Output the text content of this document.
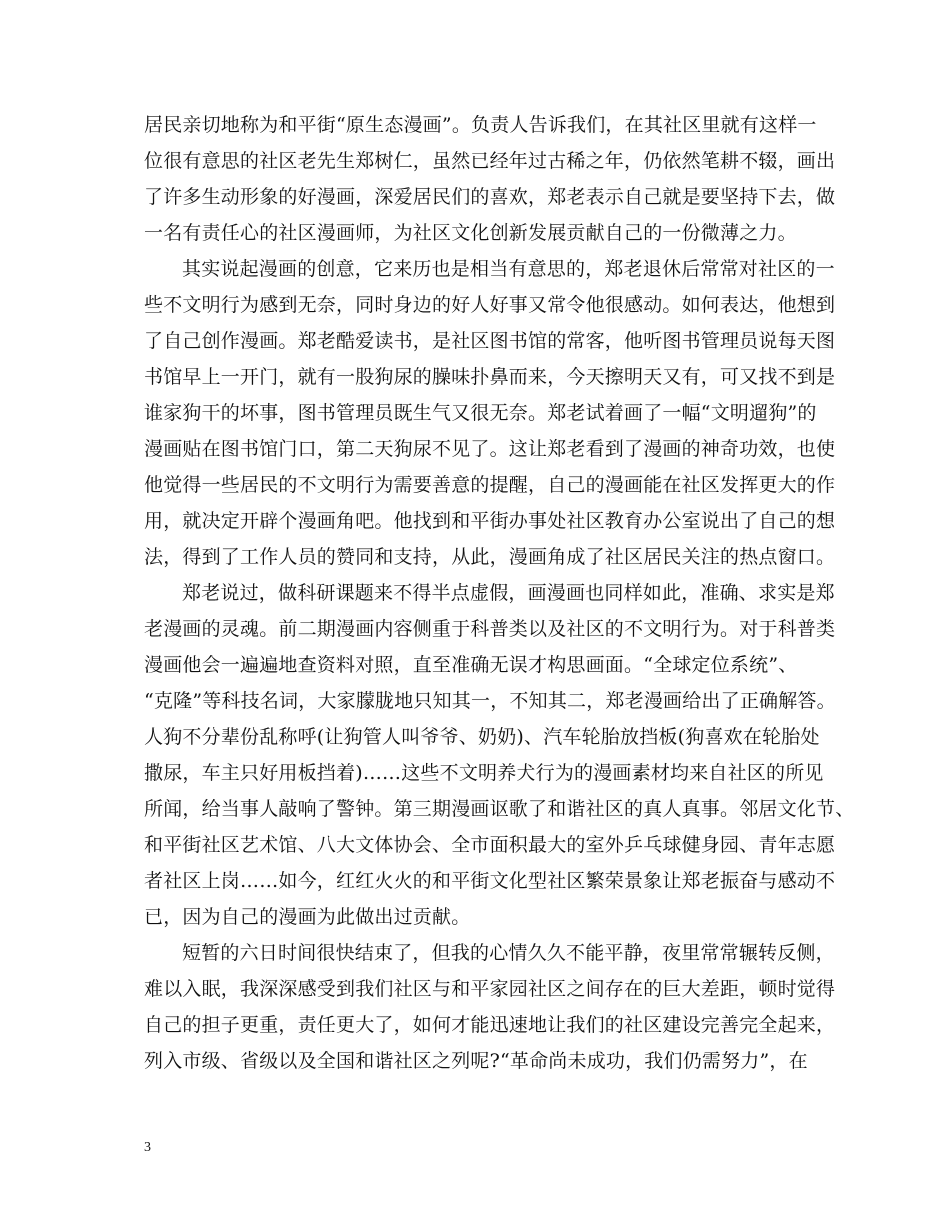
居民亲切地称为和平街“原生态漫画”。负责人告诉我们，在其社区里就有这样一
位很有意思的社区老先生郑树仁，虽然已经年过古稀之年，仍依然笔耕不辍，画出
了许多生动形象的好漫画，深爱居民们的喜欢，郑老表示自己就是要坚持下去，做
一名有责任心的社区漫画师，为社区文化创新发展贡献自己的一份微薄之力。
其实说起漫画的创意，它来历也是相当有意思的，郑老退休后常常对社区的一
些不文明行为感到无奈，同时身边的好人好事又常令他很感动。如何表达，他想到
了自己创作漫画。郑老酷爱读书，是社区图书馆的常客，他听图书管理员说每天图
书馆早上一开门，就有一股狗尿的臊味扑鼻而来，今天擦明天又有，可又找不到是
谁家狗干的坏事，图书管理员既生气又很无奈。郑老试着画了一幅“文明遛狗”的
漫画贴在图书馆门口，第二天狗尿不见了。这让郑老看到了漫画的神奇功效，也使
他觉得一些居民的不文明行为需要善意的提醒，自己的漫画能在社区发挥更大的作
用，就决定开辟个漫画角吧。他找到和平街办事处社区教育办公室说出了自己的想
法，得到了工作人员的赞同和支持，从此，漫画角成了社区居民关注的热点窗口。
郑老说过，做科研课题来不得半点虚假，画漫画也同样如此，准确、求实是郑
老漫画的灵魂。前二期漫画内容侧重于科普类以及社区的不文明行为。对于科普类
漫画他会一遍遍地查资料对照，直至准确无误才构思画面。“全球定位系统”、
“克隆”等科技名词，大家朦胧地只知其一，不知其二，郑老漫画给出了正确解答。
人狗不分辈份乱称呼(让狗管人叫爷爷、奶奶)、汽车轮胎放挡板(狗喜欢在轮胎处
撒尿，车主只好用板挡着)……这些不文明养犬行为的漫画素材均来自社区的所见
所闻，给当事人敲响了警钟。第三期漫画讴歌了和谐社区的真人真事。邻居文化节、
和平街社区艺术馆、八大文体协会、全市面积最大的室外乒乓球健身园、青年志愿
者社区上岗……如今，红红火火的和平街文化型社区繁荣景象让郑老振奋与感动不
已，因为自己的漫画为此做出过贡献。
短暂的六日时间很快结束了，但我的心情久久不能平静，夜里常常辗转反侧，
难以入眠，我深深感受到我们社区与和平家园社区之间存在的巨大差距，顿时觉得
自己的担子更重，责任更大了，如何才能迅速地让我们的社区建设完善完全起来，
列入市级、省级以及全国和谐社区之列呢?“革命尚未成功，我们仍需努力”，在
3
